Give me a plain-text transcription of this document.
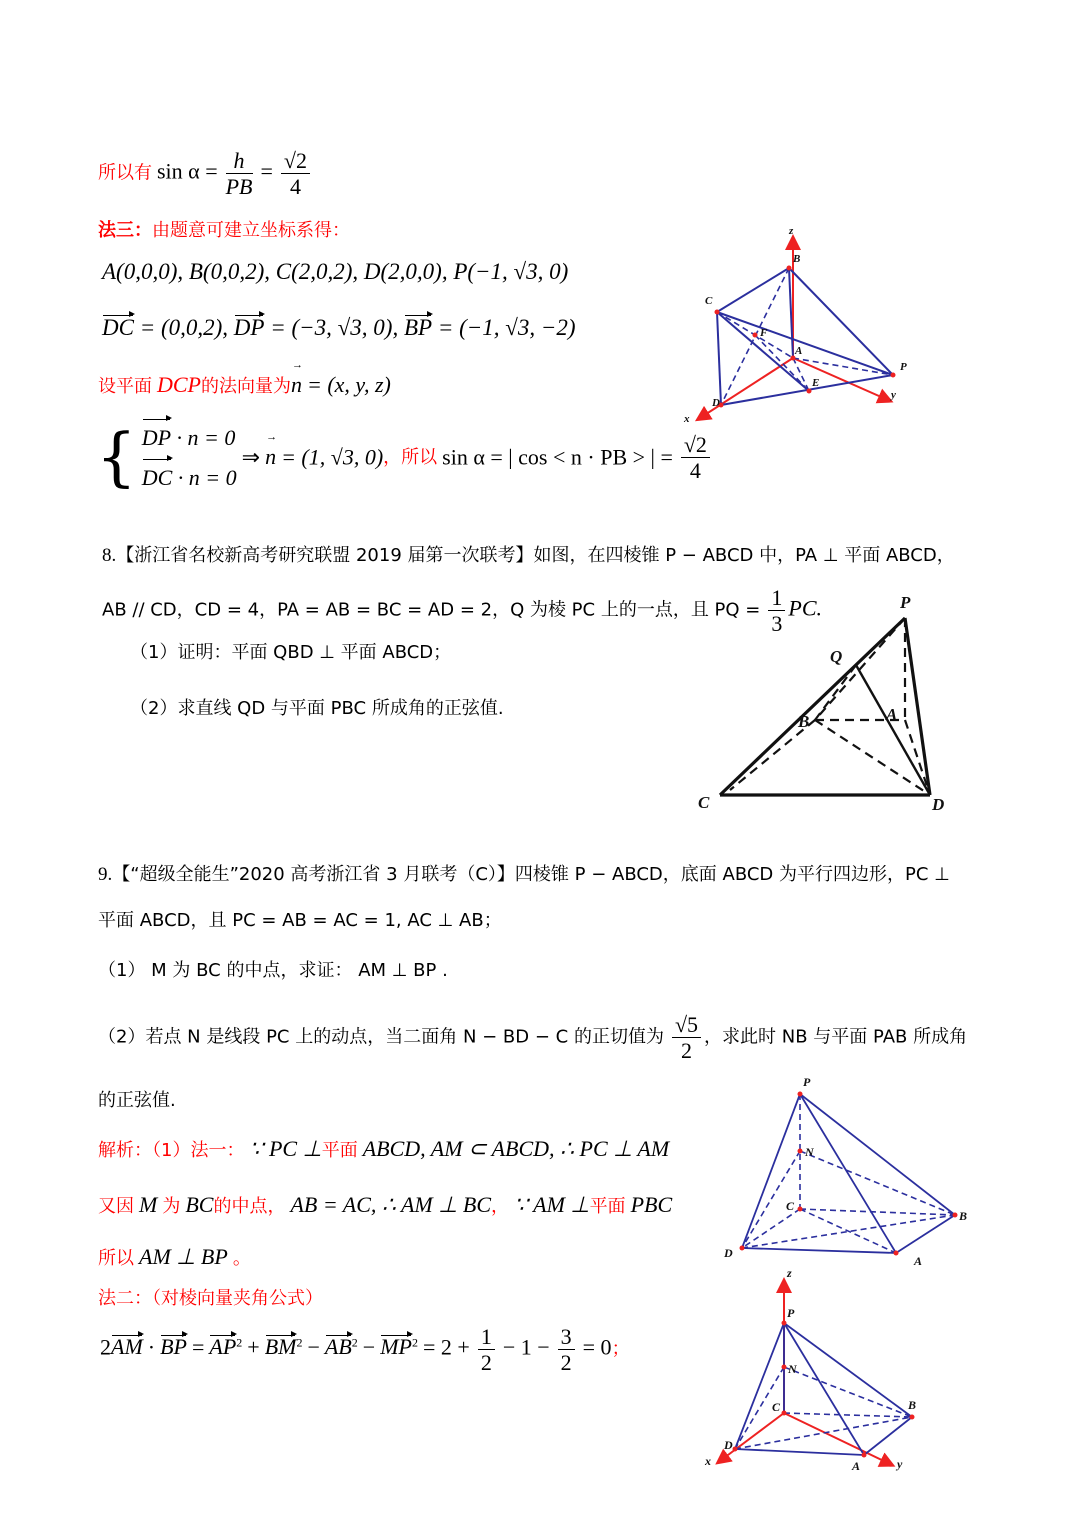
所以有 $\sin \alpha = \frac{h}{PB} = \frac{√2}{4}$
法三：由题意可建立坐标系得：
A(0,0,0), B(0,0,2), C(2,0,2), D(2,0,0), P(−1, √3, 0)
DC = (0,0,2), DP = (−3, √3, 0), BP = (−1, √3, −2)
设平面 DCP的法向量为n → = (x, y, z)
{ DP · n = 0
DC · n = 0
⇒ n → = (1, √3, 0)，所以 sin α = | cos < n · PB > | = $\frac{√2}{4}$
z
B
C
F
A
P
E
D
x
y
8.【浙江省名校新高考研究联盟 2019 届第一次联考】如图，在四棱锥 P − ABCD 中，PA ⊥ 平面 ABCD，
AB // CD，CD = 4，PA = AB = BC = AD = 2，Q 为棱 PC 上的一点，且 PQ = $\frac{1}{3}$ PC.
（1）证明：平面 QBD ⊥ 平面 ABCD；
（2）求直线 QD 与平面 PBC 所成角的正弦值.
P
Q
B	A
C	D
9.【“超级全能生”2020 高考浙江省 3 月联考（C）】四棱锥 P − ABCD，底面 ABCD 为平行四边形，PC ⊥
平面 ABCD，且 PC = AB = AC = 1, AC ⊥ AB；
（1） M 为 BC 的中点，求证： AM ⊥ BP .
（2）若点 N 是线段 PC 上的动点，当二面角 N − BD − C 的正切值为 $\frac{√5}{2}$ ，求此时 NB 与平面 PAB 所成角
的正弦值.
解析：（1）法一： ∵ PC ⊥平面 ABCD, AM ⊂ ABCD, ∴ PC ⊥ AM
又因 M 为 BC的中点， AB = AC, ∴ AM ⊥ BC， ∵ AM ⊥平面 PBC
所以 AM ⊥ BP 。
法二：（对棱向量夹角公式）
2AM · BP = $AP^2 + BM^2 - AB^2 - MP^2 = 2 + \frac{1}{2} - 1 - \frac{3}{2} = 0$；
P
N
C
B
D
A
z
P
N
C	B
D
A
x	y
